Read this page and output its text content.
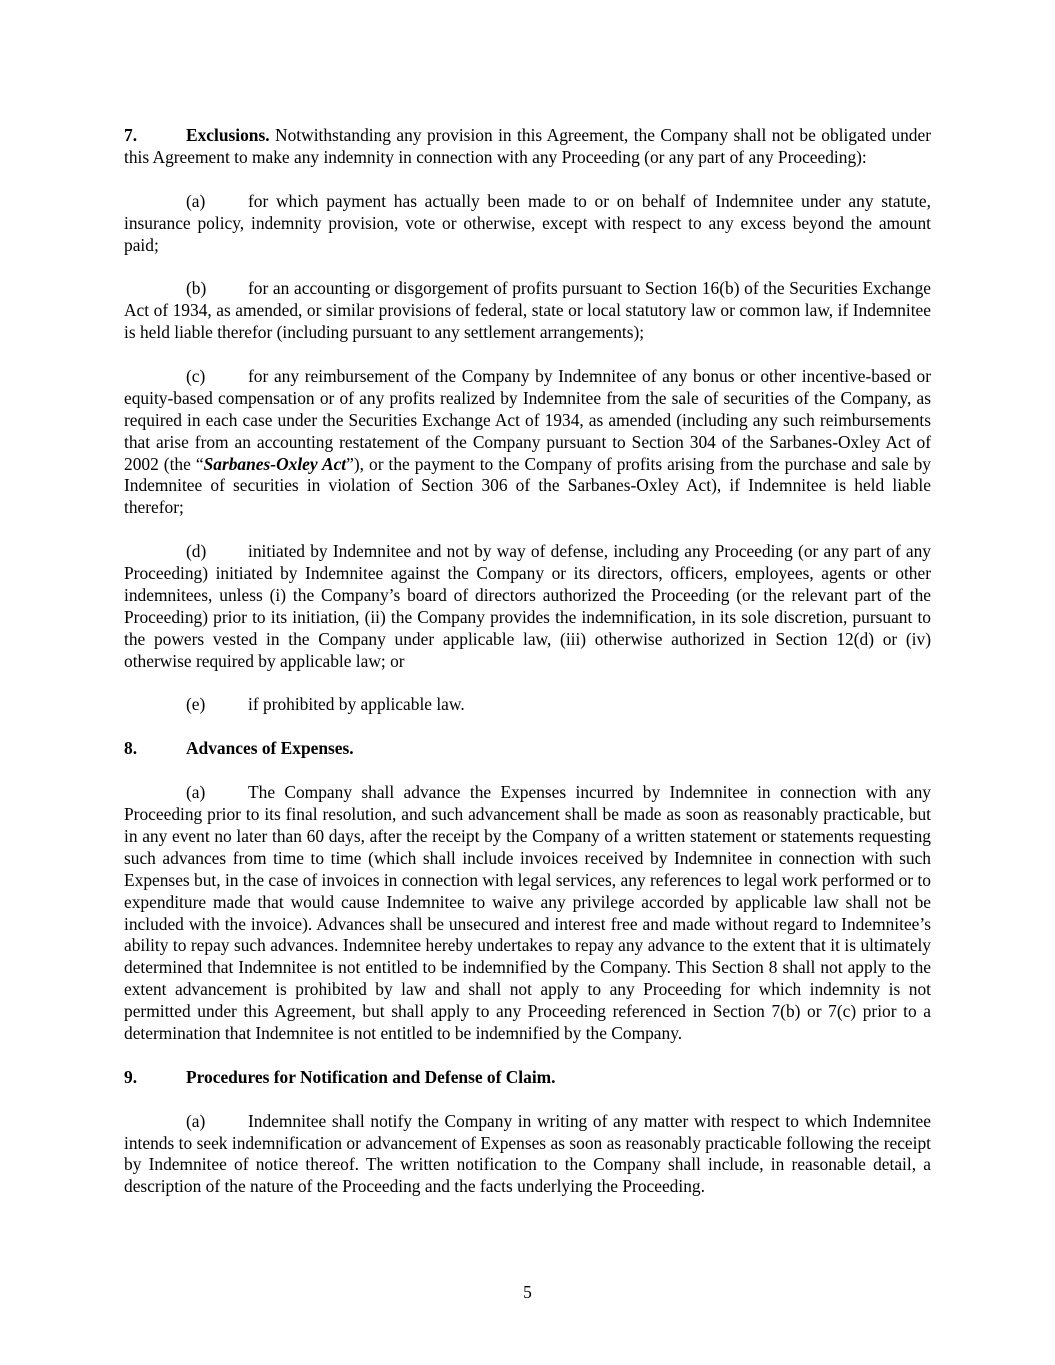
7.	Exclusions. Notwithstanding any provision in this Agreement, the Company shall not be obligated under this Agreement to make any indemnity in connection with any Proceeding (or any part of any Proceeding):

(a) for which payment has actually been made to or on behalf of Indemnitee under any statute, insurance policy, indemnity provision, vote or otherwise, except with respect to any excess beyond the amount paid;

(b) for an accounting or disgorgement of profits pursuant to Section 16(b) of the Securities Exchange Act of 1934, as amended, or similar provisions of federal, state or local statutory law or common law, if Indemnitee is held liable therefor (including pursuant to any settlement arrangements);

(c) for any reimbursement of the Company by Indemnitee of any bonus or other incentive-based or equity-based compensation or of any profits realized by Indemnitee from the sale of securities of the Company, as required in each case under the Securities Exchange Act of 1934, as amended (including any such reimbursements that arise from an accounting restatement of the Company pursuant to Section 304 of the Sarbanes-Oxley Act of 2002 (the “Sarbanes-Oxley Act”), or the payment to the Company of profits arising from the purchase and sale by Indemnitee of securities in violation of Section 306 of the Sarbanes-Oxley Act), if Indemnitee is held liable therefor;

(d) initiated by Indemnitee and not by way of defense, including any Proceeding (or any part of any Proceeding) initiated by Indemnitee against the Company or its directors, officers, employees, agents or other indemnitees, unless (i) the Company’s board of directors authorized the Proceeding (or the relevant part of the Proceeding) prior to its initiation, (ii) the Company provides the indemnification, in its sole discretion, pursuant to the powers vested in the Company under applicable law, (iii) otherwise authorized in Section 12(d) or (iv) otherwise required by applicable law; or

(e) if prohibited by applicable law.

8.	Advances of Expenses.

(a) The Company shall advance the Expenses incurred by Indemnitee in connection with any Proceeding prior to its final resolution, and such advancement shall be made as soon as reasonably practicable, but in any event no later than 60 days, after the receipt by the Company of a written statement or statements requesting such advances from time to time (which shall include invoices received by Indemnitee in connection with such Expenses but, in the case of invoices in connection with legal services, any references to legal work performed or to expenditure made that would cause Indemnitee to waive any privilege accorded by applicable law shall not be included with the invoice). Advances shall be unsecured and interest free and made without regard to Indemnitee’s ability to repay such advances. Indemnitee hereby undertakes to repay any advance to the extent that it is ultimately determined that Indemnitee is not entitled to be indemnified by the Company. This Section 8 shall not apply to the extent advancement is prohibited by law and shall not apply to any Proceeding for which indemnity is not permitted under this Agreement, but shall apply to any Proceeding referenced in Section 7(b) or 7(c) prior to a determination that Indemnitee is not entitled to be indemnified by the Company.

9.	Procedures for Notification and Defense of Claim.

(a) Indemnitee shall notify the Company in writing of any matter with respect to which Indemnitee intends to seek indemnification or advancement of Expenses as soon as reasonably practicable following the receipt by Indemnitee of notice thereof. The written notification to the Company shall include, in reasonable detail, a description of the nature of the Proceeding and the facts underlying the Proceeding.

5
